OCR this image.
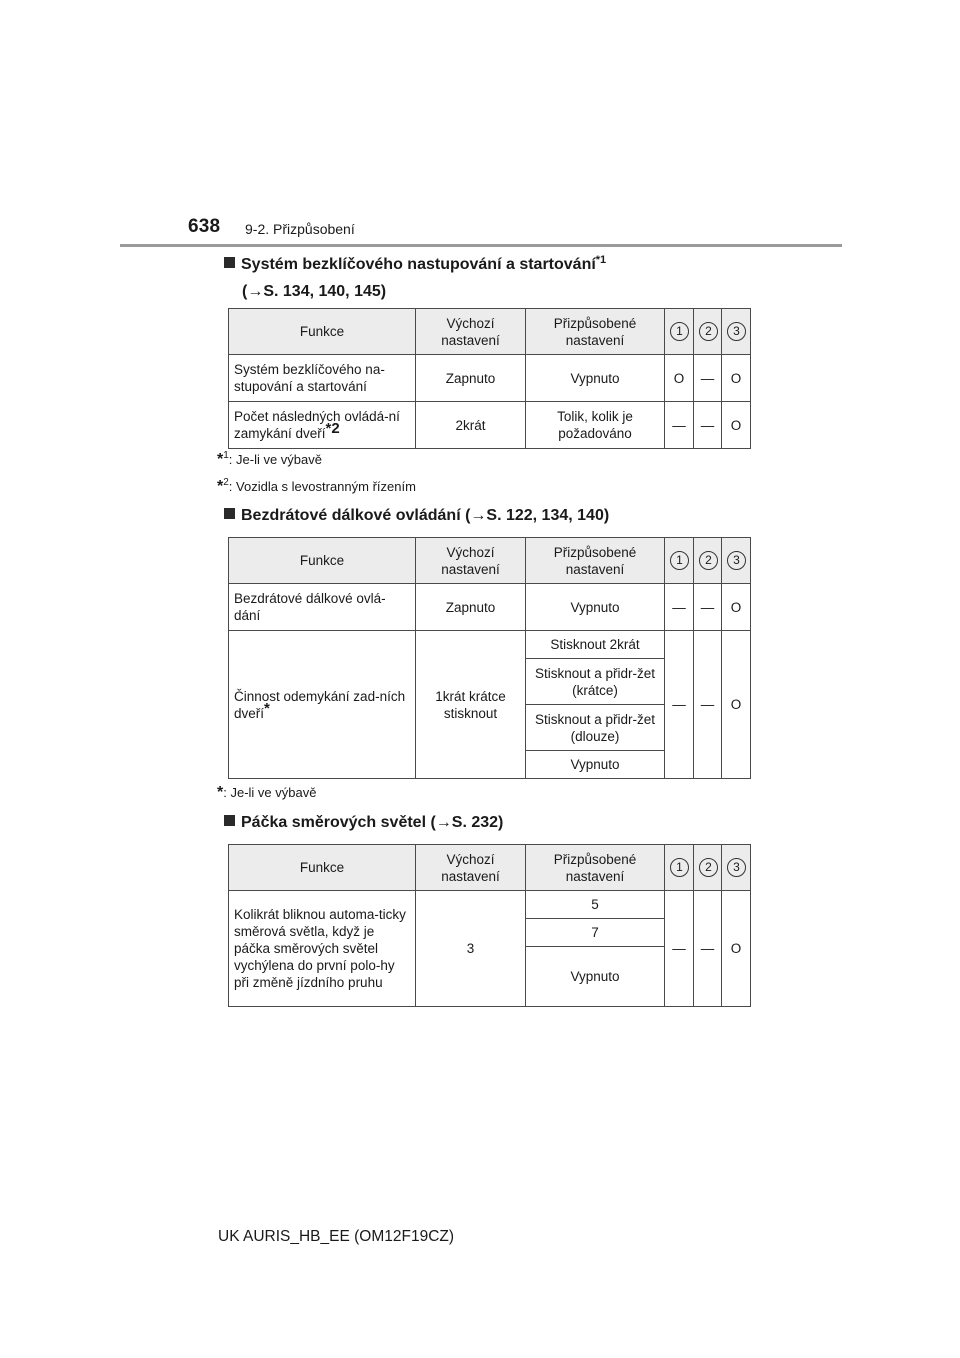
638 9-2. Přizpůsobení
Systém bezklíčového nastupování a startování$^{*1}$
(→S. 134, 140, 145)
Funkce	Výchozí nastavení	Přizpůsobené nastavení	1	2	3
Systém bezklíčového na-stupování a startování	Zapnuto	Vypnuto	O	—	O
Počet následných ovládá-ní zamykání dveří$^{*2}$	2krát	Tolik, kolik je požadováno	—	—	O
*$^1$: Je-li ve výbavě
*$^2$: Vozidla s levostranným řízením
Bezdrátové dálkové ovládání (→S. 122, 134, 140)
Funkce	Výchozí nastavení	Přizpůsobené nastavení	1	2	3
Bezdrátové dálkové ovlá-dání	Zapnuto	Vypnuto	—	—	O
Činnost odemykání zad-ních dveří*	1krát krátce stisknout	Stisknout 2krát	—	—	O
		Stisknout a přidr-žet (krátce)			
		Stisknout a přidr-žet (dlouze)			
		Vypnuto			
*: Je-li ve výbavě
Páčka směrových světel (→S. 232)
Funkce	Výchozí nastavení	Přizpůsobené nastavení	1	2	3
Kolikrát bliknou automa-ticky směrová světla, když je páčka směrových světel vychýlena do první polo-hy při změně jízdního pruhu	3	5	—	—	O
		7			
		Vypnuto			
UK AURIS_HB_EE (OM12F19CZ)
